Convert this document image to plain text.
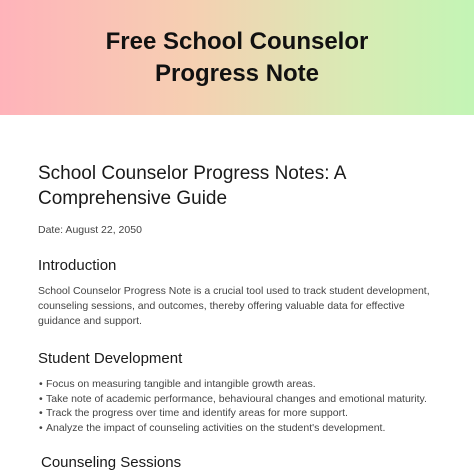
Free School Counselor
Progress Note
School Counselor Progress Notes: A Comprehensive Guide

Date: August 22, 2050

Introduction

School Counselor Progress Note is a crucial tool used to track student development, counseling sessions, and outcomes, thereby offering valuable data for effective guidance and support.

Student Development
• Focus on measuring tangible and intangible growth areas.
• Take note of academic performance, behavioural changes and emotional maturity.
• Track the progress over time and identify areas for more support.
• Analyze the impact of counseling activities on the student's development.
Counseling Sessions
